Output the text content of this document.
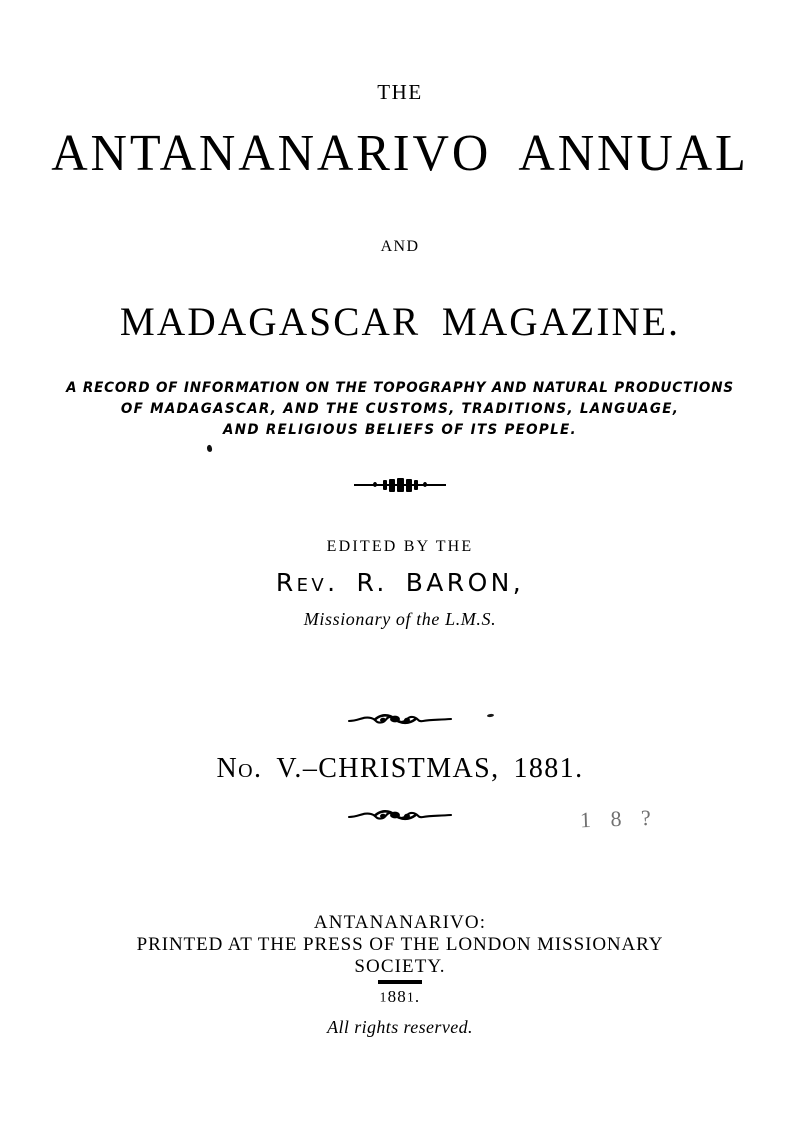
THE
ANTANANARIVO ANNUAL
AND
MADAGASCAR MAGAZINE.
A RECORD OF INFORMATION ON THE TOPOGRAPHY AND NATURAL PRODUCTIONS
OF MADAGASCAR, AND THE CUSTOMS, TRADITIONS, LANGUAGE,
AND RELIGIOUS BELIEFS OF ITS PEOPLE.
EDITED BY THE
REV. R. BARON,
Missionary of the L.M.S.
NO. V.–CHRISTMAS, 1881.
1 8 ?
ANTANANARIVO:
PRINTED AT THE PRESS OF THE LONDON MISSIONARY
SOCIETY.
1881.
All rights reserved.
